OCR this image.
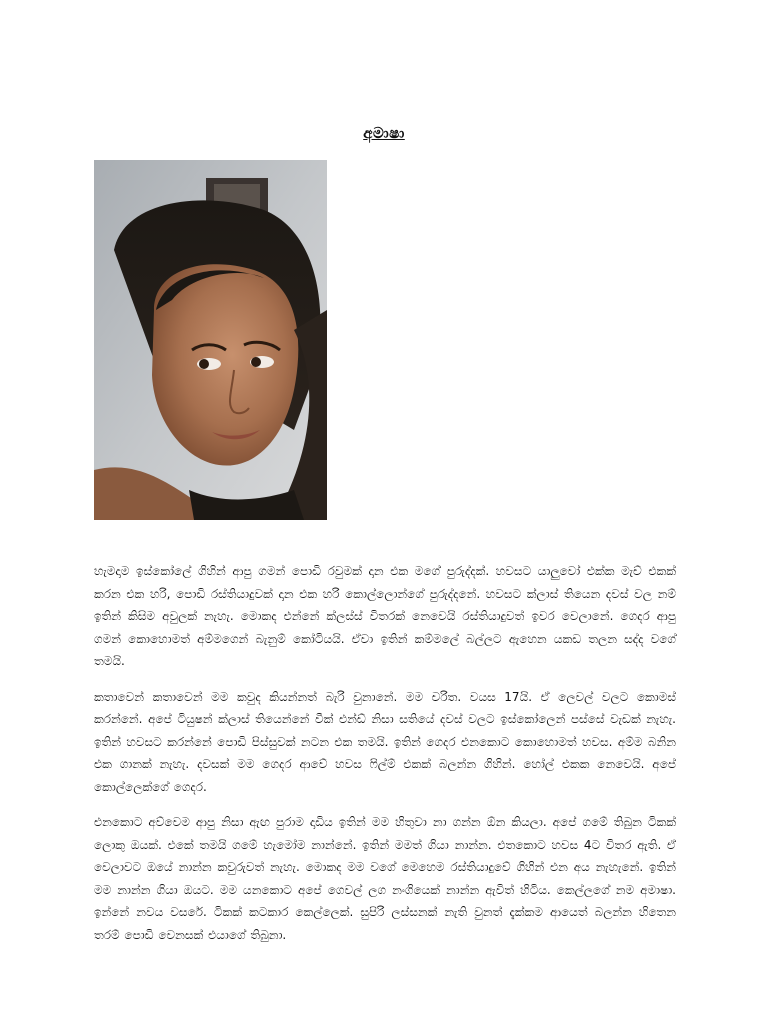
අමාෂා

හැමදාම ඉස්කෝලේ ගිහින් ආපු ගමන් පොඩි රවුමක් දාන එක මගේ පුරුද්දක්. හවසට යාලුවෝ එක්ක මැච් එකක් කරන එක හරි, පොඩි රස්තියාදුවක් දාන එක හරි කොල්ලොන්ගේ පුරුද්දනේ. හවසට ක්ලාස් තියෙන දවස් වල නම් ඉතින් කිසිම අවුලක් නැහැ. මොකද එන්නේ ක්ලස්ස් විතරක් නෙවෙයි රස්තියාදුවත් ඉවර වෙලානේ. ගෙදර ආපු ගමන් කොහොමත් අම්මගෙන් බැනුම් කෝටියයි. ඒවා ඉතින් කම්මලේ බල්ලට ඇහෙන යකඩ තලන සද්ද වගේ තමයි.

කතාවෙන් කතාවෙන් මම කවුද කියන්නත් බැරි වුනානේ. මම චරිත. වයස 17යි. ඒ ලෙවල් වලට කොමස් කරන්නේ. අපේ ටියුෂන් ක්ලාස් තියෙන්නේ වීක් එන්ඩ් නිසා සතියේ දවස් වලට ඉස්කෝලෙන් පස්සේ වැඩක් නැහැ. ඉතින් හවසට කරන්නේ පොඩි පිස්සුවක් නටන එක තමයි. ඉතින් ගෙදර එනකොට කොහොමත් හවස. අම්ම බනින එක ගානක් නැහැ. දවසක් මම ගෙදර ආවේ හවස ෆිල්ම් එකක් බලන්න ගිහින්. හෝල් එකක නෙවෙයි. අපේ කොල්ලෙක්ගේ ගෙදර.

එනකොට අව්වෙම ආපු නිසා ඇඟ පුරාම දාඩිය ඉතින් මම හිතුවා නා ගන්න ඕන කියලා. අපේ ගමේ තිබුන ටිකක් ලොකු ඔයක්. එකේ තමයි ගමේ හැමෝම නාන්නේ. ඉතින් මමත් ගියා නාන්න. එතකොට හවස 4ට විතර ඇති. ඒ වෙලාවට ඔයේ නාන්න කවුරුවත් නැහැ. මොකද මම වගේ මෙහෙම රස්තියාදුවේ ගිහින් එන අය නැහැනේ. ඉතින් මම නාන්න ගියා ඔයට. මම යනකොට අපේ ගෙවල් ලග නංගියෙක් නාන්න ඇවිත් හිටිය. කෙල්ලගේ නම අමාෂා. ඉන්නේ නවය වසරේ. ටිකක් කටකාර කෙල්ලෙක්. සුපිරි ලස්සනක් නැති වුනත් දැක්කම ආයෙත් බලන්න හිතෙන තරම් පොඩි වෙනසක් එයාගේ තිබුනා.
